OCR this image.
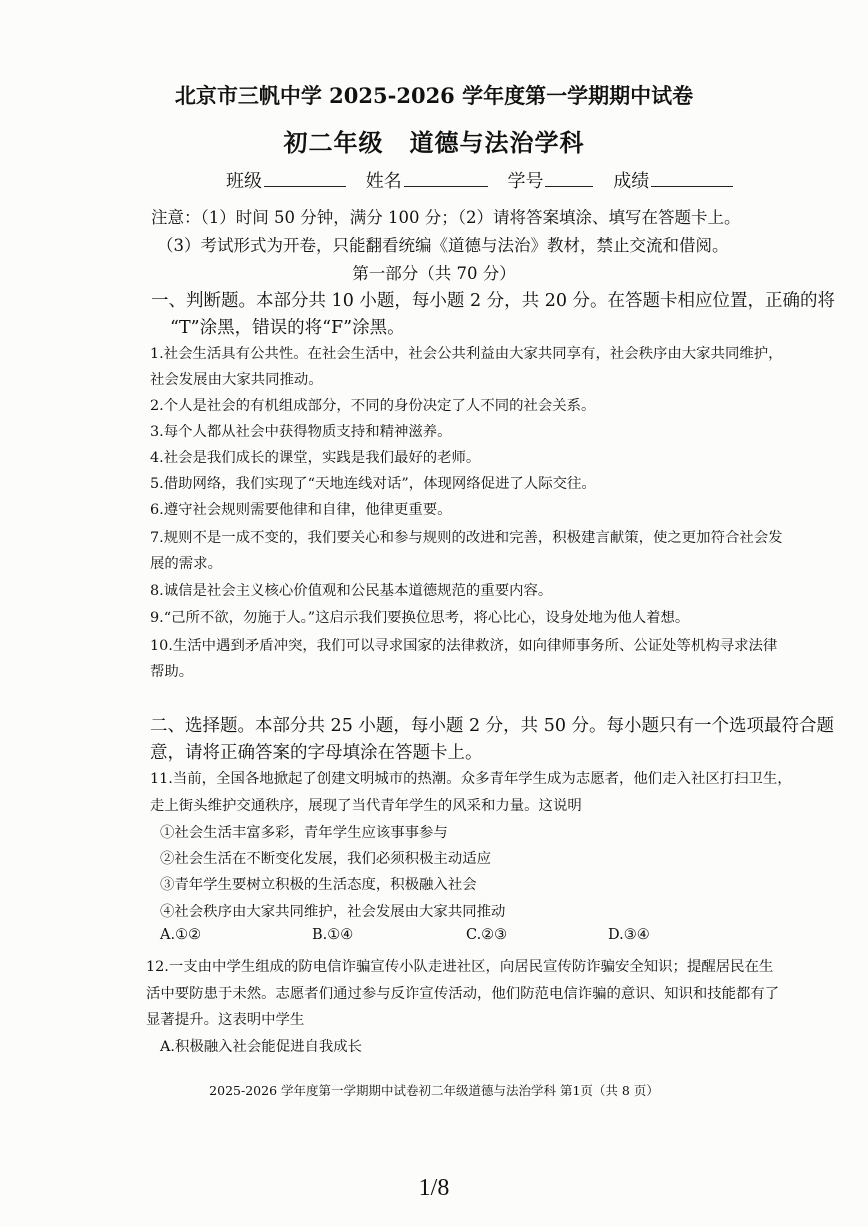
北京市三帆中学 2025-2026 学年度第一学期期中试卷
初二年级 道德与法治学科
班级	姓名	学号	成绩
注意：（1）时间 50 分钟，满分 100 分；（2）请将答案填涂、填写在答题卡上。
（3）考试形式为开卷，只能翻看统编《道德与法治》教材，禁止交流和借阅。
第一部分（共 70 分）
一、判断题。本部分共 10 小题，每小题 2 分，共 20 分。在答题卡相应位置，正确的将
“T”涂黑，错误的将“F”涂黑。
1.社会生活具有公共性。在社会生活中，社会公共利益由大家共同享有，社会秩序由大家共同维护，
社会发展由大家共同推动。
2.个人是社会的有机组成部分，不同的身份决定了人不同的社会关系。
3.每个人都从社会中获得物质支持和精神滋养。
4.社会是我们成长的课堂，实践是我们最好的老师。
5.借助网络，我们实现了“天地连线对话”，体现网络促进了人际交往。
6.遵守社会规则需要他律和自律，他律更重要。
7.规则不是一成不变的，我们要关心和参与规则的改进和完善，积极建言献策，使之更加符合社会发
展的需求。
8.诚信是社会主义核心价值观和公民基本道德规范的重要内容。
9.“己所不欲，勿施于人。”这启示我们要换位思考，将心比心，设身处地为他人着想。
10.生活中遇到矛盾冲突，我们可以寻求国家的法律救济，如向律师事务所、公证处等机构寻求法律
帮助。
二、选择题。本部分共 25 小题，每小题 2 分，共 50 分。每小题只有一个选项最符合题
意，请将正确答案的字母填涂在答题卡上。
11.当前，全国各地掀起了创建文明城市的热潮。众多青年学生成为志愿者，他们走入社区打扫卫生，
走上街头维护交通秩序，展现了当代青年学生的风采和力量。这说明
①社会生活丰富多彩，青年学生应该事事参与
②社会生活在不断变化发展，我们必须积极主动适应
③青年学生要树立积极的生活态度，积极融入社会
④社会秩序由大家共同维护，社会发展由大家共同推动
A.①②	B.①④	C.②③	D.③④
12.一支由中学生组成的防电信诈骗宣传小队走进社区，向居民宣传防诈骗安全知识；提醒居民在生
活中要防患于未然。志愿者们通过参与反诈宣传活动，他们防范电信诈骗的意识、知识和技能都有了
显著提升。这表明中学生
A.积极融入社会能促进自我成长
2025-2026 学年度第一学期期中试卷初二年级道德与法治学科 第1页（共 8 页）
1/8
